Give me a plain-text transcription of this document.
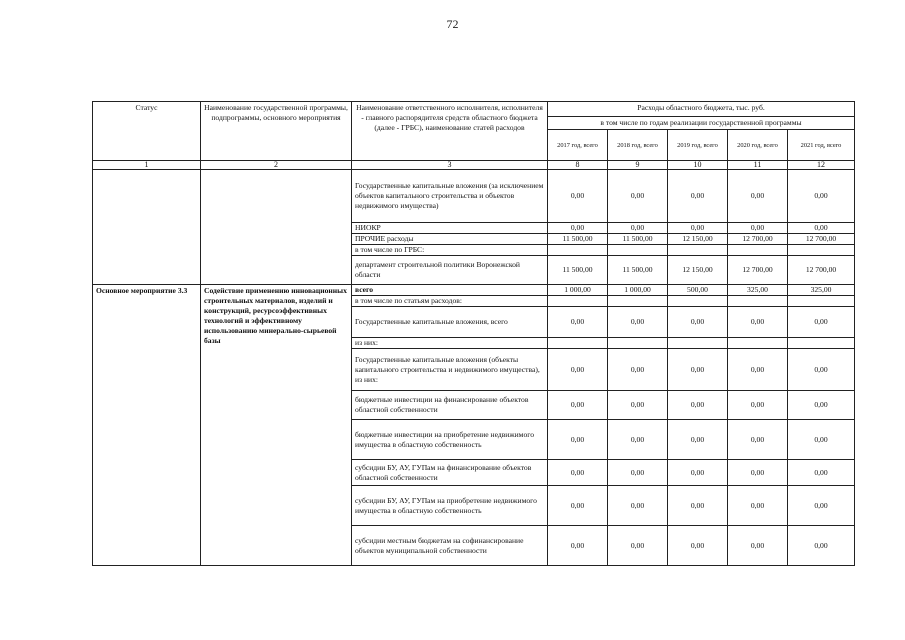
72
Статус	Наименование государственной программы, подпрограммы, основного мероприятия	Наименование ответственного исполнителя, исполнителя - главного распорядителя средств областного бюджета (далее - ГРБС), наименование статей расходов	Расходы областного бюджета, тыс. руб.				
			в том числе по годам реализации государственной программы				
			2017 год, всего	2018 год, всего	2019 год, всего	2020 год, всего	2021 год, всего
1	2	3	8	9	10	11	12
		Государственные капитальные вложения (за исключением объектов капитального строительства и объектов недвижимого имущества)	0,00	0,00	0,00	0,00	0,00
		НИОКР	0,00	0,00	0,00	0,00	0,00
		ПРОЧИЕ расходы	11 500,00	11 500,00	12 150,00	12 700,00	12 700,00
		в том числе по ГРБС:					
		департамент строительной политики Воронежской области	11 500,00	11 500,00	12 150,00	12 700,00	12 700,00
Основное мероприятие 3.3	Содействие применению инновационных строительных материалов, изделий и конструкций, ресурсоэффективных технологий и эффективному использованию минерально-сырьевой базы	всего	1 000,00	1 000,00	500,00	325,00	325,00
		в том числе по статьям расходов:					
		Государственные капитальные вложения, всего	0,00	0,00	0,00	0,00	0,00
		из них:					
		Государственные капитальные вложения (объекты капитального строительства и недвижимого имущества), из них:	0,00	0,00	0,00	0,00	0,00
		бюджетные инвестиции на финансирование объектов областной собственности	0,00	0,00	0,00	0,00	0,00
		бюджетные инвестиции на приобретение недвижимого имущества в областную собственность	0,00	0,00	0,00	0,00	0,00
		субсидии БУ, АУ, ГУПам на финансирование объектов областной собственности	0,00	0,00	0,00	0,00	0,00
		субсидии БУ, АУ, ГУПам на приобретение недвижимого имущества в областную собственность	0,00	0,00	0,00	0,00	0,00
		субсидии местным бюджетам на софинансирование объектов муниципальной собственности	0,00	0,00	0,00	0,00	0,00
